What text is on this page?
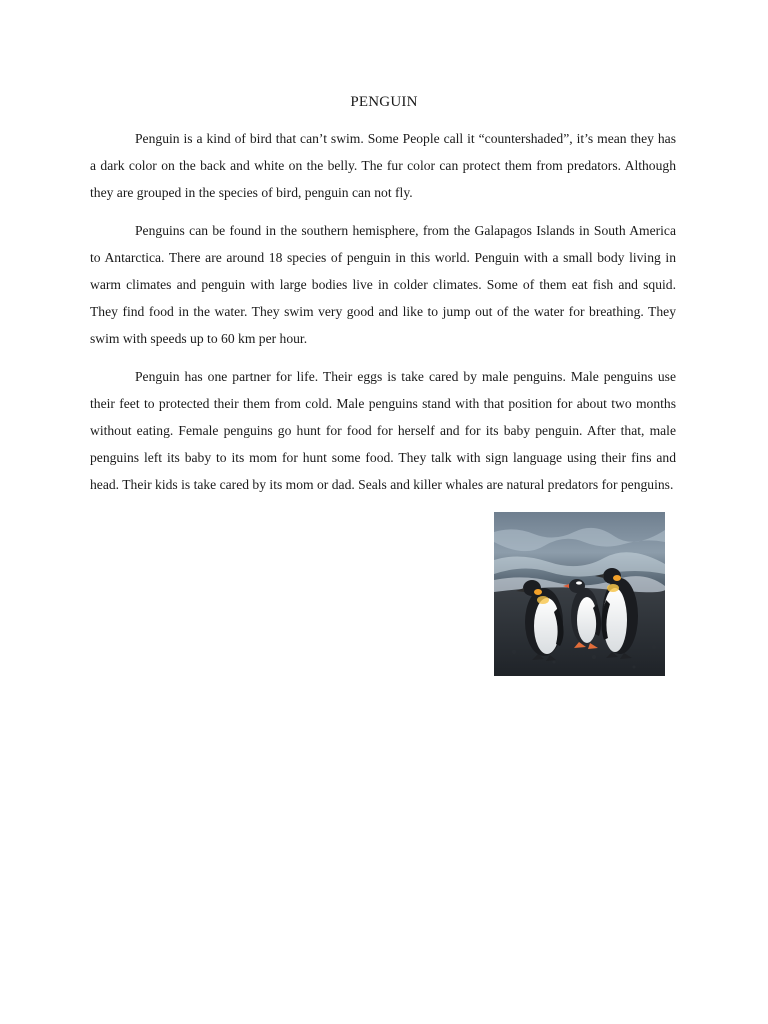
PENGUIN

Penguin is a kind of bird that can’t swim. Some People call it “countershaded”, it’s mean they has a dark color on the back and white on the belly. The fur color can protect them from predators. Although they are grouped in the species of bird, penguin can not fly.

Penguins can be found in the southern hemisphere, from the Galapagos Islands in South America to Antarctica. There are around 18 species of penguin in this world. Penguin with a small body living in warm climates and penguin with large bodies live in colder climates. Some of them eat fish and squid. They find food in the water. They swim very good and like to jump out of the water for breathing. They swim with speeds up to 60 km per hour.

Penguin has one partner for life. Their eggs is take cared by male penguins. Male penguins use their feet to protected their them from cold. Male penguins stand with that position for about two months without eating. Female penguins go hunt for food for herself and for its baby penguin. After that, male penguins left its baby to its mom for hunt some food. They talk with sign language using their fins and head. Their kids is take cared by its mom or dad. Seals and killer whales are natural predators for penguins.
